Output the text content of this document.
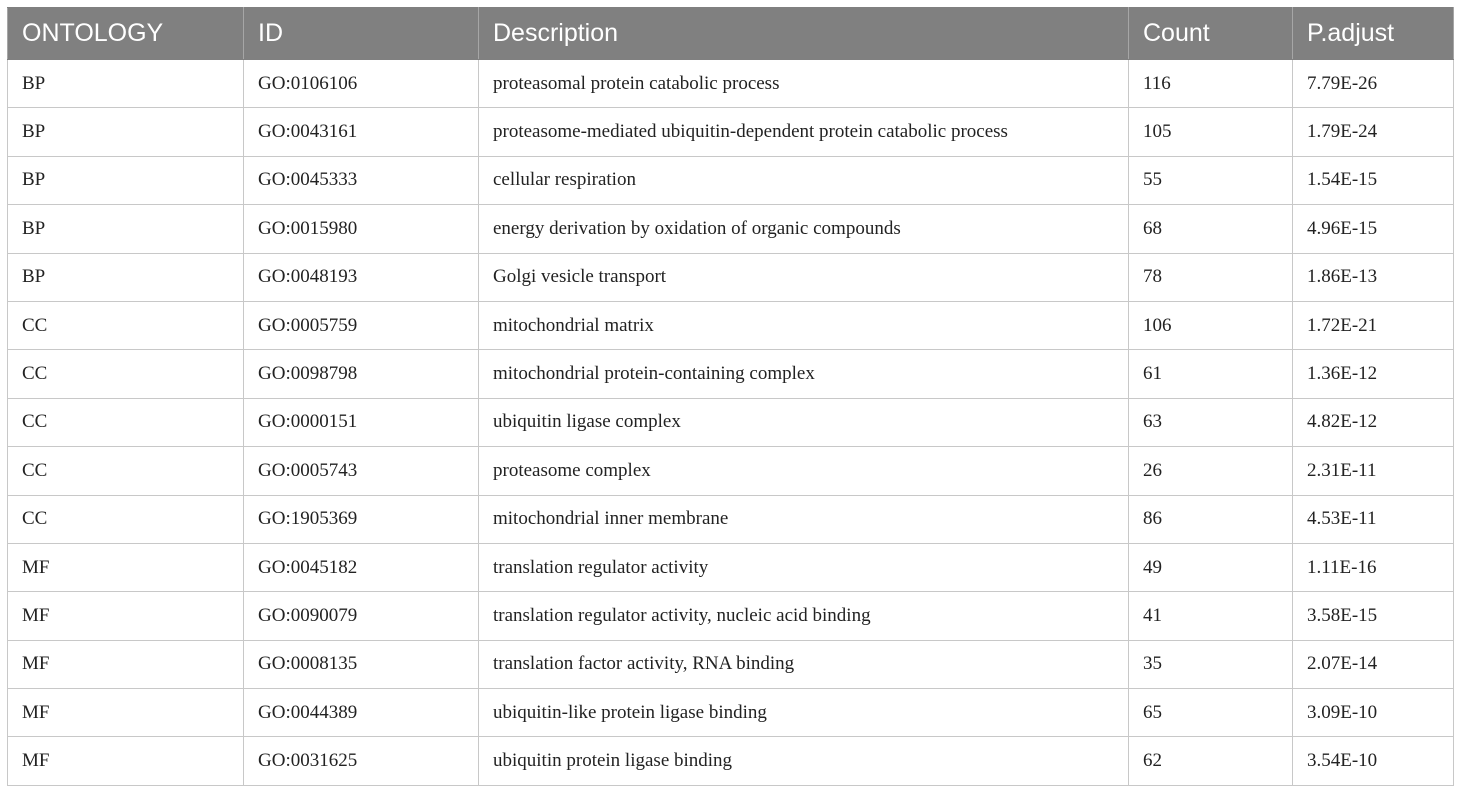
ONTOLOGY	ID	Description	Count	P.adjust
BP	GO:0106106	proteasomal protein catabolic process	116	7.79E-26
BP	GO:0043161	proteasome-mediated ubiquitin-dependent protein catabolic process	105	1.79E-24
BP	GO:0045333	cellular respiration	55	1.54E-15
BP	GO:0015980	energy derivation by oxidation of organic compounds	68	4.96E-15
BP	GO:0048193	Golgi vesicle transport	78	1.86E-13
CC	GO:0005759	mitochondrial matrix	106	1.72E-21
CC	GO:0098798	mitochondrial protein-containing complex	61	1.36E-12
CC	GO:0000151	ubiquitin ligase complex	63	4.82E-12
CC	GO:0005743	proteasome complex	26	2.31E-11
CC	GO:1905369	mitochondrial inner membrane	86	4.53E-11
MF	GO:0045182	translation regulator activity	49	1.11E-16
MF	GO:0090079	translation regulator activity, nucleic acid binding	41	3.58E-15
MF	GO:0008135	translation factor activity, RNA binding	35	2.07E-14
MF	GO:0044389	ubiquitin-like protein ligase binding	65	3.09E-10
MF	GO:0031625	ubiquitin protein ligase binding	62	3.54E-10
